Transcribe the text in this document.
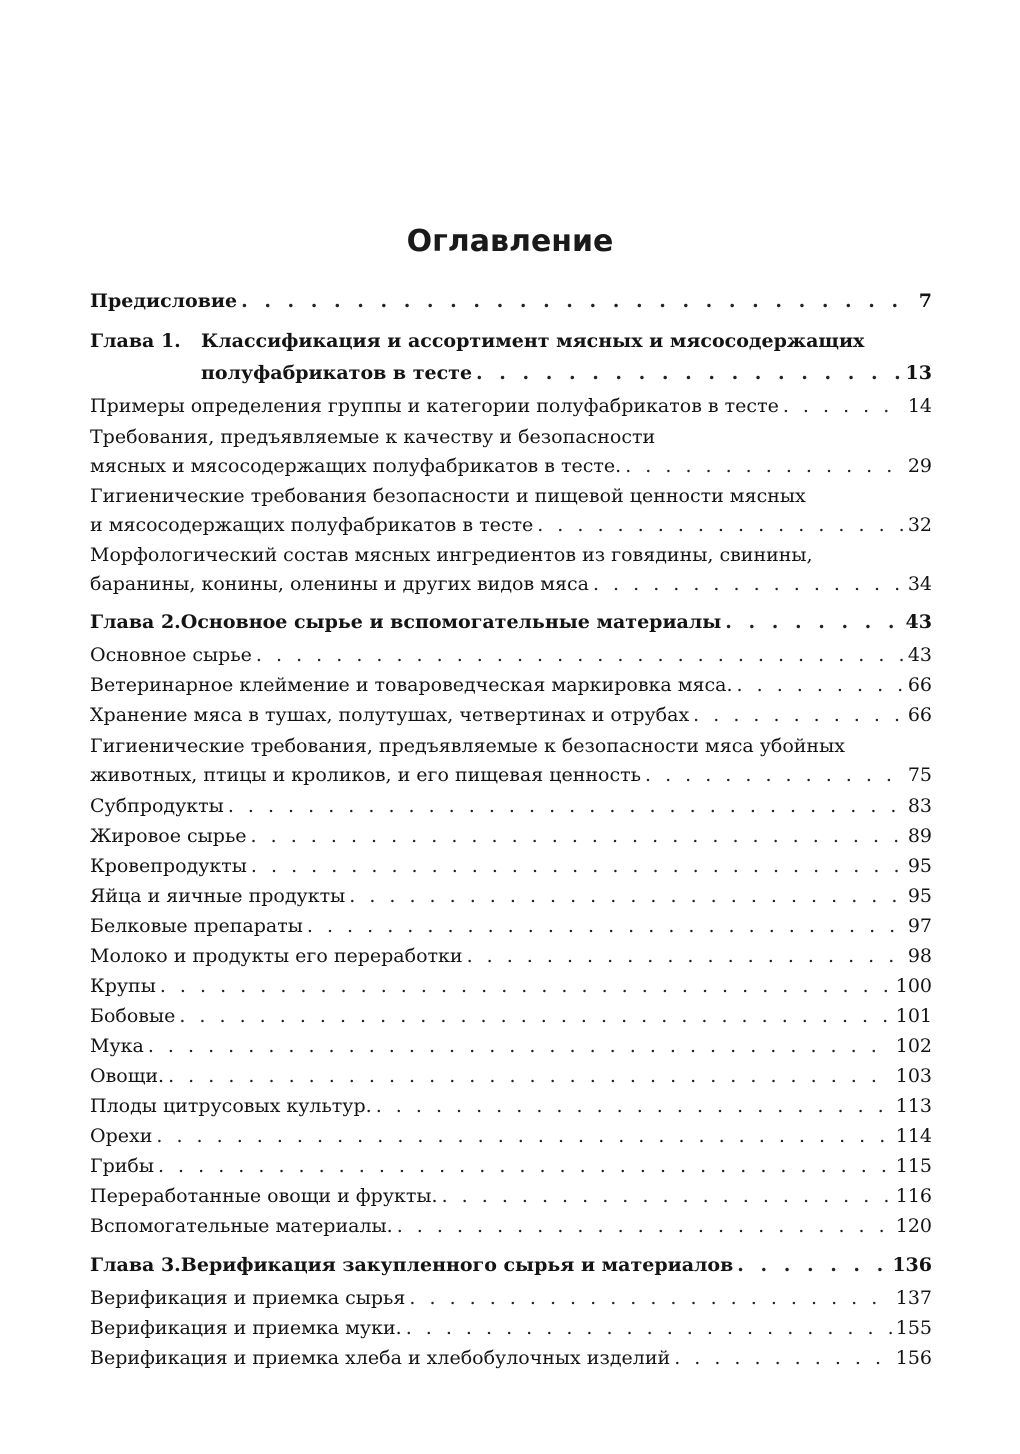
Оглавление
Предисловие . . .	7
Глава 1.	Классификация и ассортимент мясных и мясосодержащих
полуфабрикатов в тесте . . .	13
Примеры определения группы и категории полуфабрикатов в тесте . . .	14
Требования, предъявляемые к качеству и безопасности
мясных и мясосодержащих полуфабрикатов в тесте. . . .	29
Гигиенические требования безопасности и пищевой ценности мясных
и мясосодержащих полуфабрикатов в тесте . . .	32
Морфологический состав мясных ингредиентов из говядины, свинины,
баранины, конины, оленины и других видов мяса . . .	34
Глава 2. Основное сырье и вспомогательные материалы . . .	43
Основное сырье . . .	43
Ветеринарное клеймение и товароведческая маркировка мяса. . . .	66
Хранение мяса в тушах, полутушах, четвертинах и отрубах . . .	66
Гигиенические требования, предъявляемые к безопасности мяса убойных
животных, птицы и кроликов, и его пищевая ценность . . .	75
Субпродукты . . .	83
Жировое сырье . . .	89
Кровепродукты . . .	95
Яйца и яичные продукты . . .	95
Белковые препараты . . .	97
Молоко и продукты его переработки . . .	98
Крупы . . .	100
Бобовые . . .	101
Мука . . .	102
Овощи. . . .	103
Плоды цитрусовых культур. . . .	113
Орехи . . .	114
Грибы . . .	115
Переработанные овощи и фрукты. . . .	116
Вспомогательные материалы. . . .	120
Глава 3. Верификация закупленного сырья и материалов . . .	136
Верификация и приемка сырья . . .	137
Верификация и приемка муки. . . .	155
Верификация и приемка хлеба и хлебобулочных изделий . . .	156
